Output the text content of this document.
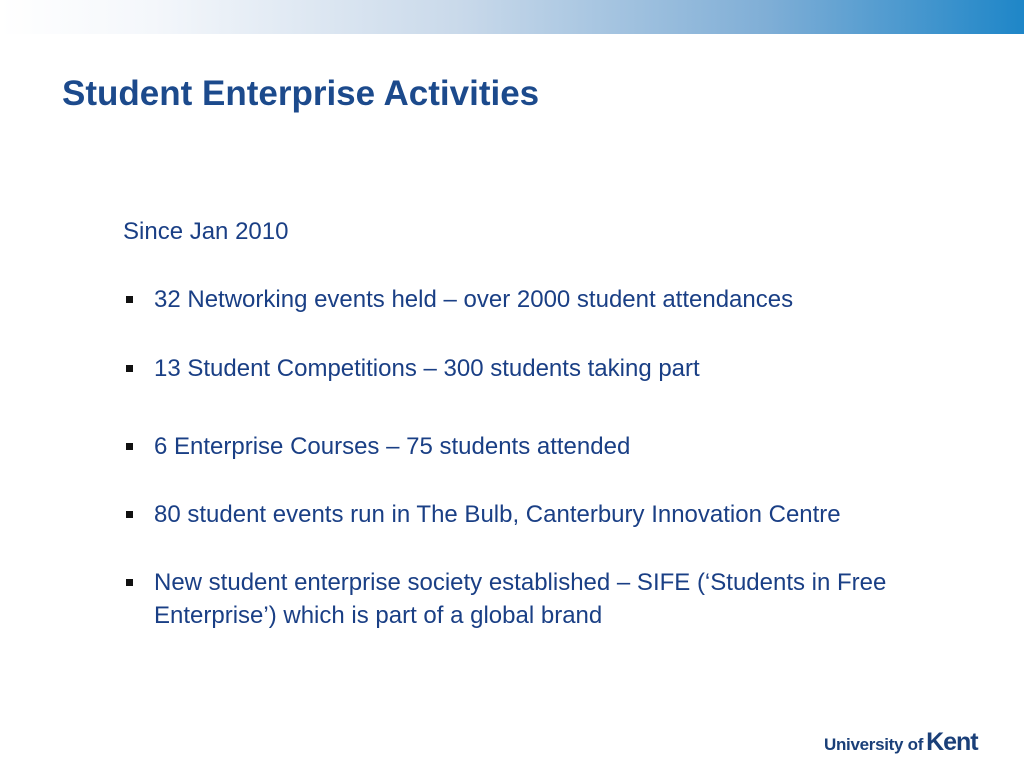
Student Enterprise Activities

Since Jan 2010

32 Networking events held – over 2000 student attendances
13 Student Competitions – 300 students taking part
6 Enterprise Courses – 75 students attended
80 student events run in The Bulb, Canterbury Innovation Centre
New student enterprise society established – SIFE (‘Students in Free Enterprise’) which is part of a global brand
University of Kent
